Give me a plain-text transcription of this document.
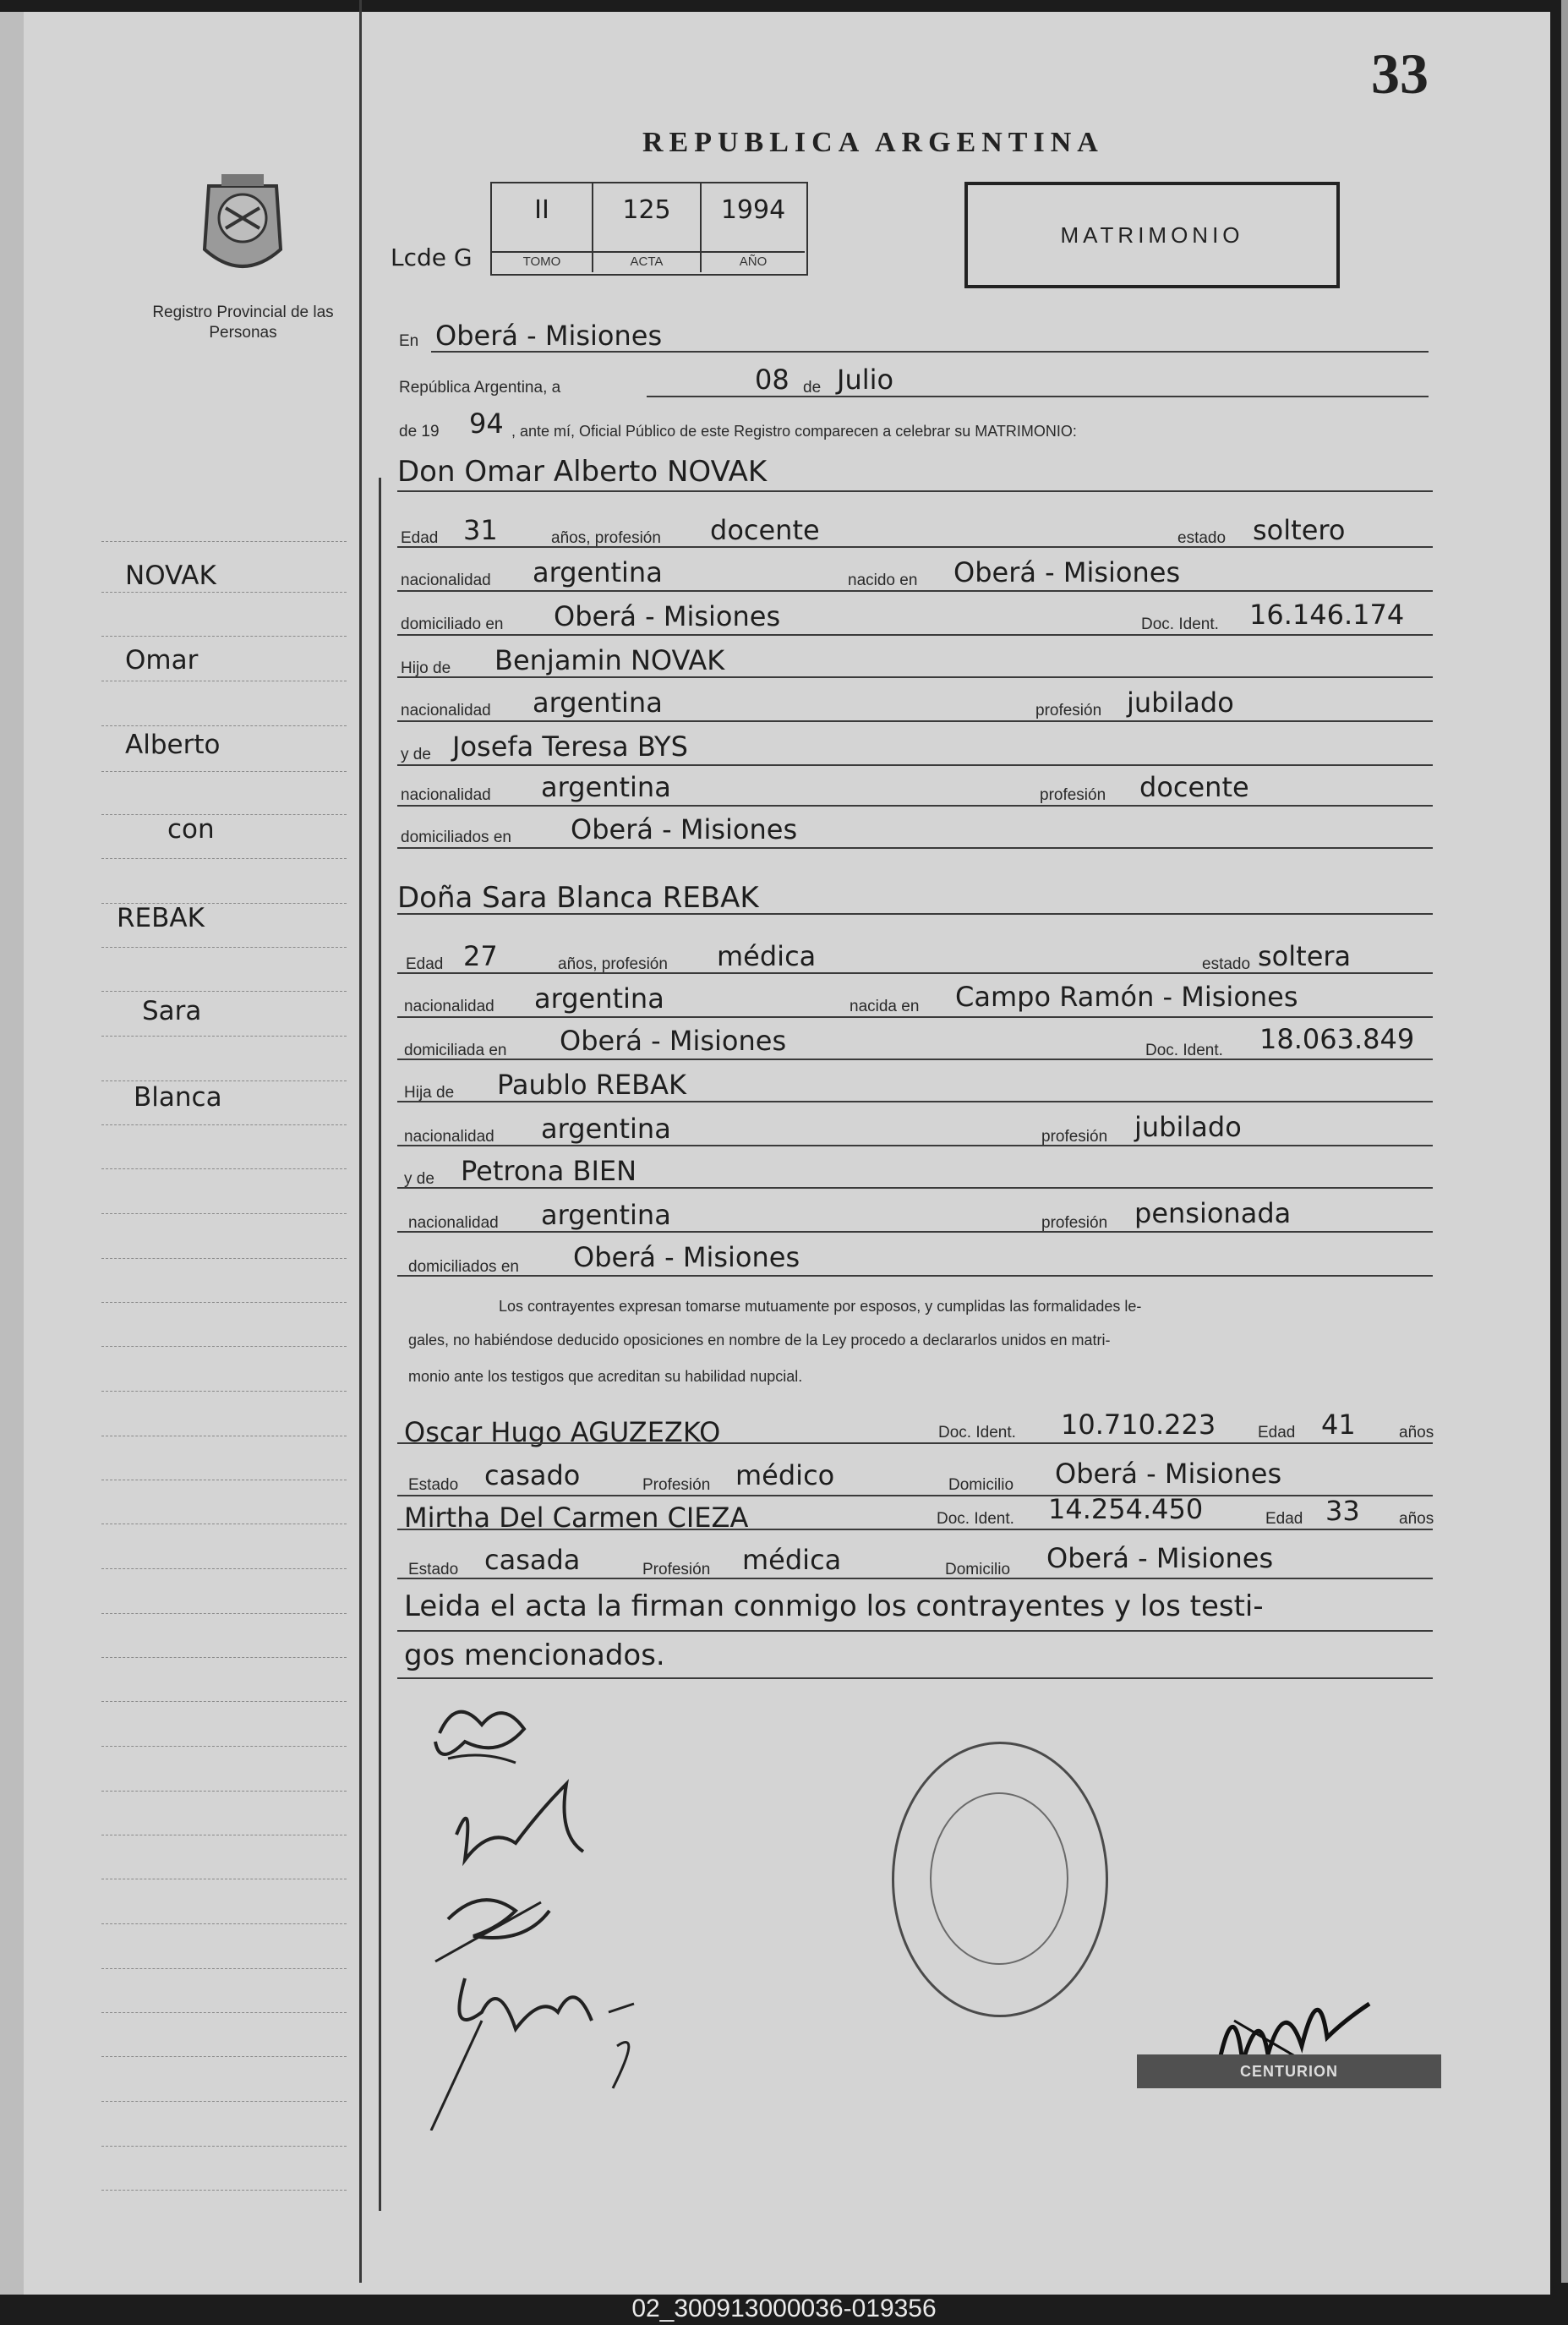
33
REPUBLICA ARGENTINA
Registro Provincial de las Personas
Lcde G
II
TOMO
125
ACTA
1994
AÑO
MATRIMONIO
NOVAK
Omar
Alberto
con
REBAK
Sara
Blanca
En Oberá - Misiones
República Argentina, a	08 de Julio
de 19 94 , ante mí, Oficial Público de este Registro comparecen a celebrar su MATRIMONIO:
Don Omar Alberto NOVAK
Edad 31	años, profesión docente	estado soltero
nacionalidad argentina	nacido en Oberá - Misiones
domiciliado en Oberá - Misiones	Doc. Ident. 16.146.174
Hijo de Benjamin NOVAK
nacionalidad argentina	profesión jubilado
y de Josefa Teresa BYS
nacionalidad argentina	profesión docente
domiciliados en Oberá - Misiones
Doña Sara Blanca REBAK
Edad 27	años, profesión médica	estado soltera
nacionalidad argentina	nacida en Campo Ramón - Misiones
domiciliada en Oberá - Misiones	Doc. Ident. 18.063.849
Hija de Paublo REBAK
nacionalidad argentina	profesión jubilado
y de Petrona BIEN
nacionalidad argentina	profesión pensionada
domiciliados en Oberá - Misiones
Los contrayentes expresan tomarse mutuamente por esposos, y cumplidas las formalidades le-
gales, no habiéndose deducido oposiciones en nombre de la Ley procedo a declararlos unidos en matri-
monio ante los testigos que acreditan su habilidad nupcial.
Oscar Hugo AGUZEZKO	Doc. Ident. 10.710.223	Edad 41	años
Estado casado	Profesión médico	Domicilio Oberá - Misiones
Mirtha Del Carmen CIEZA	Doc. Ident. 14.254.450	Edad 33 años
Estado casada	Profesión médica	Domicilio Oberá - Misiones
Leida el acta la firman conmigo los contrayentes y los testi-
gos mencionados.
CENTURION
02_300913000036-019356
